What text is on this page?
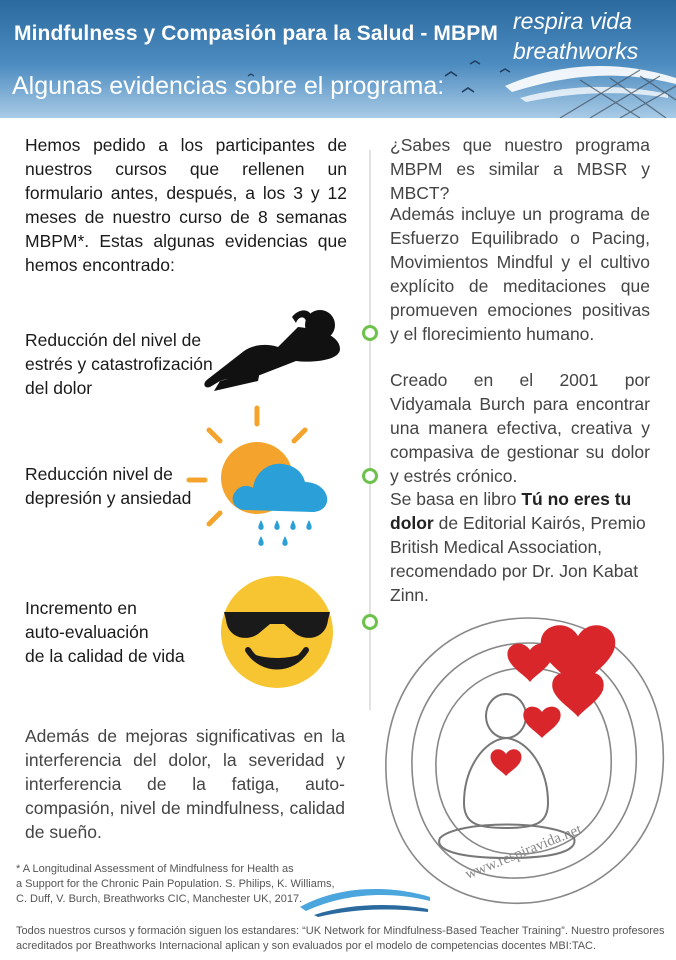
Mindfulness y Compasión para la Salud - MBPM
Algunas evidencias sobre el programa:
respira vida
breathworks
Hemos pedido a los participantes de nuestros cursos que rellenen un formulario antes, después, a los 3 y 12 meses de nuestro curso de 8 semanas MBPM*. Estas algunas evidencias que hemos encontrado:
Reducción del nivel de
estrés y catastrofización
del dolor
Reducción nivel de
depresión y ansiedad
Incremento en
auto-evaluación
de la calidad de vida
Además de mejoras significativas en la interferencia del dolor, la severidad y interferencia de la fatiga, auto-compasión, nivel de mindfulness, calidad de sueño.
¿Sabes que nuestro programa MBPM es similar a MBSR y MBCT?
Además incluye un programa de Esfuerzo Equilibrado o Pacing, Movimientos Mindful y el cultivo explícito de meditaciones que promueven emociones positivas y el florecimiento humano.
Creado en el 2001 por Vidyamala Burch para encontrar una manera efectiva, creativa y compasiva de gestionar su dolor y estrés crónico.
Se basa en libro Tú no eres tu dolor de Editorial Kairós, Premio British Medical Association, recomendado por Dr. Jon Kabat Zinn.
www.respiravida.net
* A Longitudinal Assessment of Mindfulness for Health as
a Support for the Chronic Pain Population. S. Philips, K. Williams,
C. Duff, V. Burch, Breathworks CIC, Manchester UK, 2017.
Todos nuestros cursos y formación siguen los estandares: “UK Network for Mindfulness-Based Teacher Training”. Nuestro profesores
acreditados por Breathworks Internacional aplican y son evaluados por el modelo de competencias docentes MBI:TAC.
